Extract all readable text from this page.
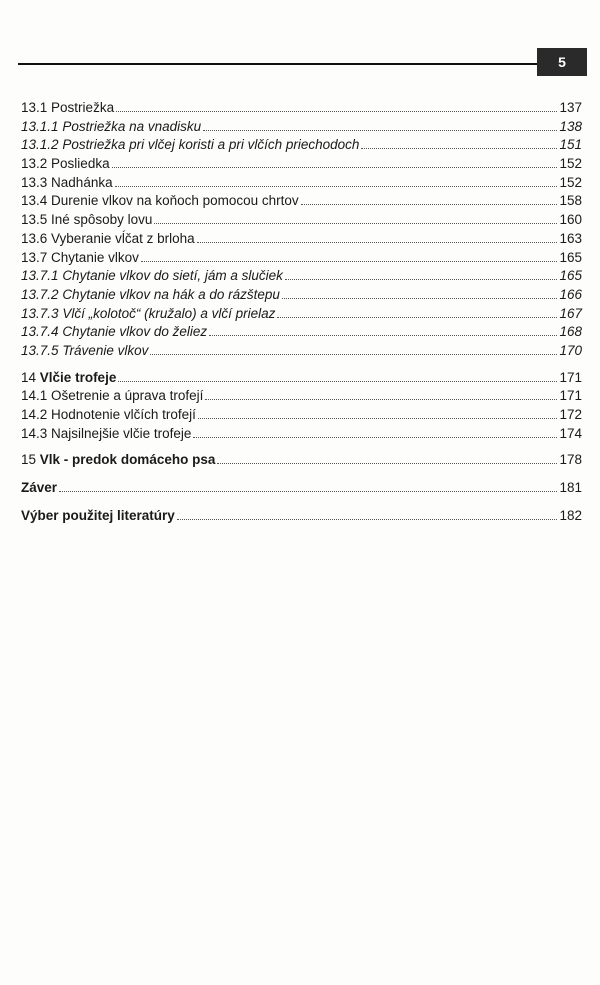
5
13.1 Postriežka	137
13.1.1 Postriežka na vnadisku	138
13.1.2 Postriežka pri vlčej koristi a pri vlčích priechodoch	151
13.2 Posliedka	152
13.3 Nadhánka	152
13.4 Durenie vlkov na koňoch pomocou chrtov	158
13.5 Iné spôsoby lovu	160
13.6 Vyberanie vĺčat z brloha	163
13.7 Chytanie vlkov	165
13.7.1 Chytanie vlkov do sietí, jám a slučiek	165
13.7.2 Chytanie vlkov na hák a do rázštepu	166
13.7.3 Vlčí „kolotoč“ (kružalo) a vlčí prielaz	167
13.7.4 Chytanie vlkov do želiez	168
13.7.5 Trávenie vlkov	170
14 Vlčie trofeje	171
14.1 Ošetrenie a úprava trofejí	171
14.2 Hodnotenie vlčích trofejí	172
14.3 Najsilnejšie vlčie trofeje	174
15 Vlk - predok domáceho psa	178
Záver	181
Výber použitej literatúry	182
